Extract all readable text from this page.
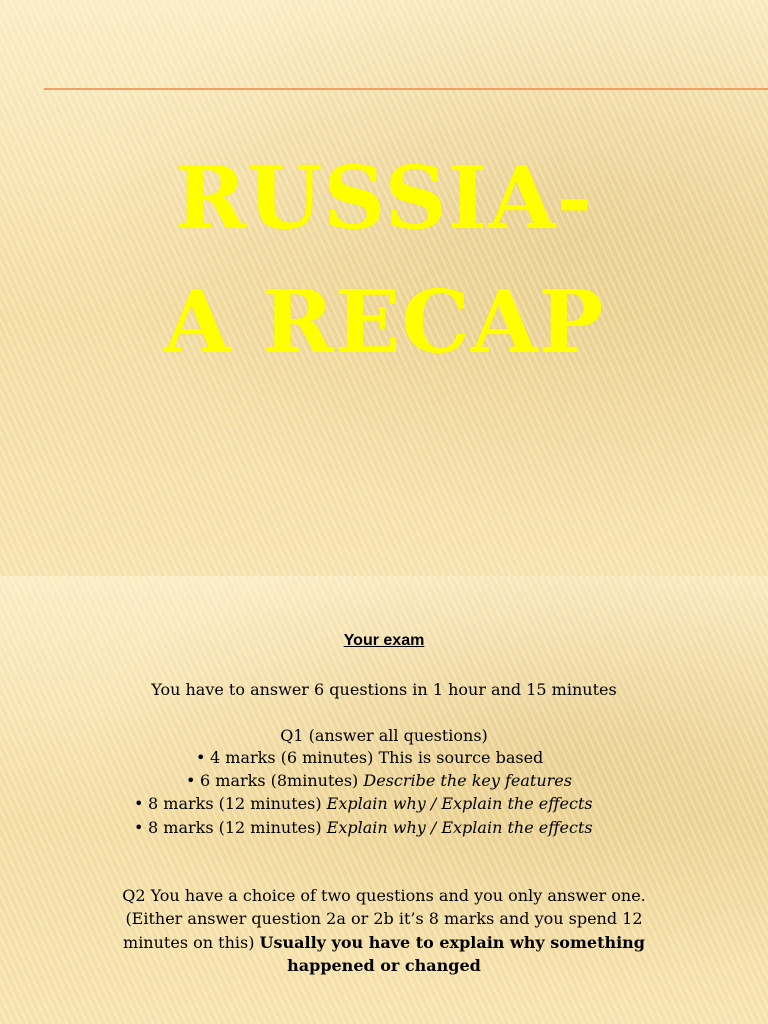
RUSSIA-
A RECAP
Your exam
You have to answer 6 questions in 1 hour and 15 minutes
Q1 (answer all questions)
• 4 marks (6 minutes) This is source based
• 6 marks (8minutes) Describe the key features
• 8 marks (12 minutes) Explain why / Explain the effects
• 8 marks (12 minutes) Explain why / Explain the effects
Q2 You have a choice of two questions and you only answer one.
(Either answer question 2a or 2b it’s 8 marks and you spend 12
minutes on this) Usually you have to explain why something
happened or changed
